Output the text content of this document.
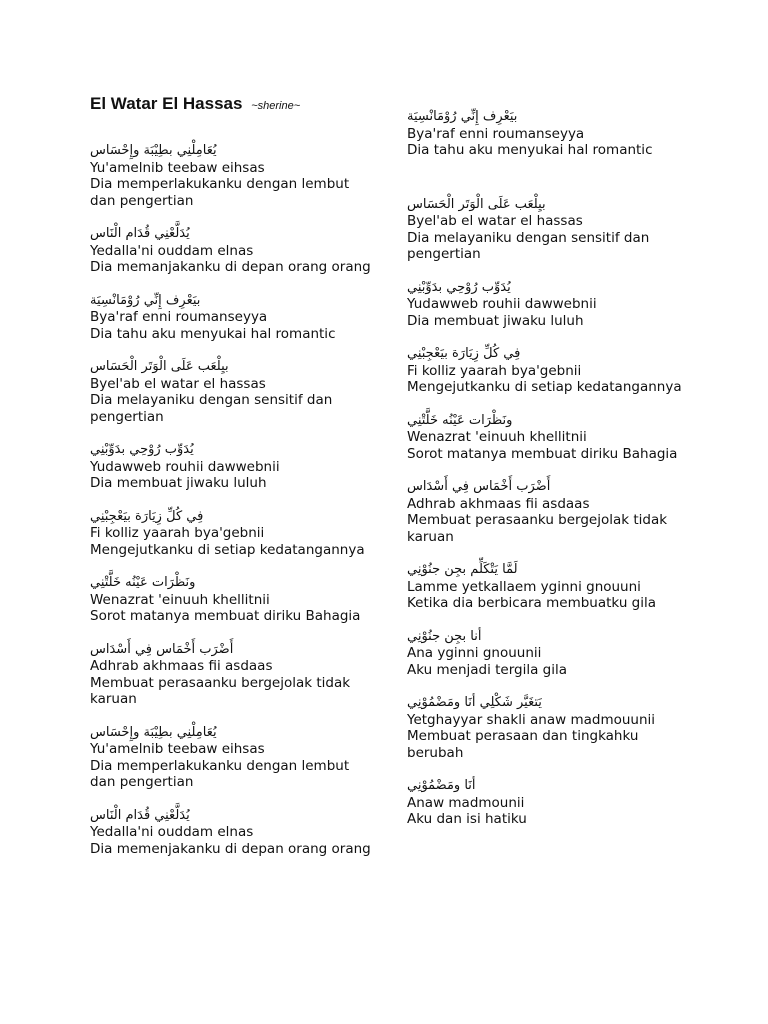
El Watar El Hassas ~sherine~
يُعَامِلْنِي بطِيْبَة وإِحْسَاس
Yu'amelnib teebaw eihsas
Dia memperlakukanku dengan lembut dan pengertian
يُدَلَّعْنِي قُدَام الْنَاس
Yedalla'ni ouddam elnas
Dia memanjakanku di depan orang orang
بيَعْرِف إِنِّي رُوْمَانْسِيَة
Bya'raf enni roumanseyya
Dia tahu aku menyukai hal romantic
بيِلْعَب عَلَى الْوَتَر الْحَسَاس
Byel'ab el watar el hassas
Dia melayaniku dengan sensitif dan pengertian
يُدَوِّب رُوْحِي بدَوِّبْنِي
Yudawweb rouhii dawwebnii
Dia membuat jiwaku luluh
فِي كُلِّ زِيَارَة بيَعْجِبْنِي
Fi kolliz yaarah bya'gebnii
Mengejutkanku di setiap kedatangannya
ونَظْرَات عَيْنُه خَلَّتْنِي
Wenazrat 'einuuh khellitnii
Sorot matanya membuat diriku Bahagia
أَضْرَب أَخْمَاس فِي أَسْدَاس
Adhrab akhmaas fii asdaas
Membuat perasaanku bergejolak tidak karuan
يُعَامِلْنِي بطِيْبَة وإِحْسَاس
Yu'amelnib teebaw eihsas
Dia memperlakukanku dengan lembut dan pengertian
يُدَلَّعْنِي قُدَام الْنَاس
Yedalla'ni ouddam elnas
Dia memenjakanku di depan orang orang
بيَعْرِف إِنِّي رُوْمَانْسِيَة
Bya'raf enni roumanseyya
Dia tahu aku menyukai hal romantic
بيِلْعَب عَلَى الْوَتَر الْحَسَاس
Byel'ab el watar el hassas
Dia melayaniku dengan sensitif dan pengertian
يُدَوِّب رُوْحِي بدَوِّبْنِي
Yudawweb rouhii dawwebnii
Dia membuat jiwaku luluh
فِي كُلِّ زِيَارَة بيَعْجِبْنِي
Fi kolliz yaarah bya'gebnii
Mengejutkanku di setiap kedatangannya
ونَظْرَات عَيْنُه خَلَّتْنِي
Wenazrat 'einuuh khellitnii
Sorot matanya membuat diriku Bahagia
أَضْرَب أَخْمَاس فِي أَسْدَاس
Adhrab akhmaas fii asdaas
Membuat perasaanku bergejolak tidak karuan
لَمَّا يَتْكَلِّم بجِن جنُوْنِي
Lamme yetkallaem yginni gnouuni
Ketika dia berbicara membuatku gila
أنا بجِن جنُوْنِي
Ana yginni gnouunii
Aku menjadi tergila gila
يَتغَيَّر شَكْلِي أنَا ومَضْمُوْنِي
Yetghayyar shakli anaw madmouunii
Membuat perasaan dan tingkahku berubah
أنَا ومَضْمُوْنِي
Anaw madmounii
Aku dan isi hatiku
